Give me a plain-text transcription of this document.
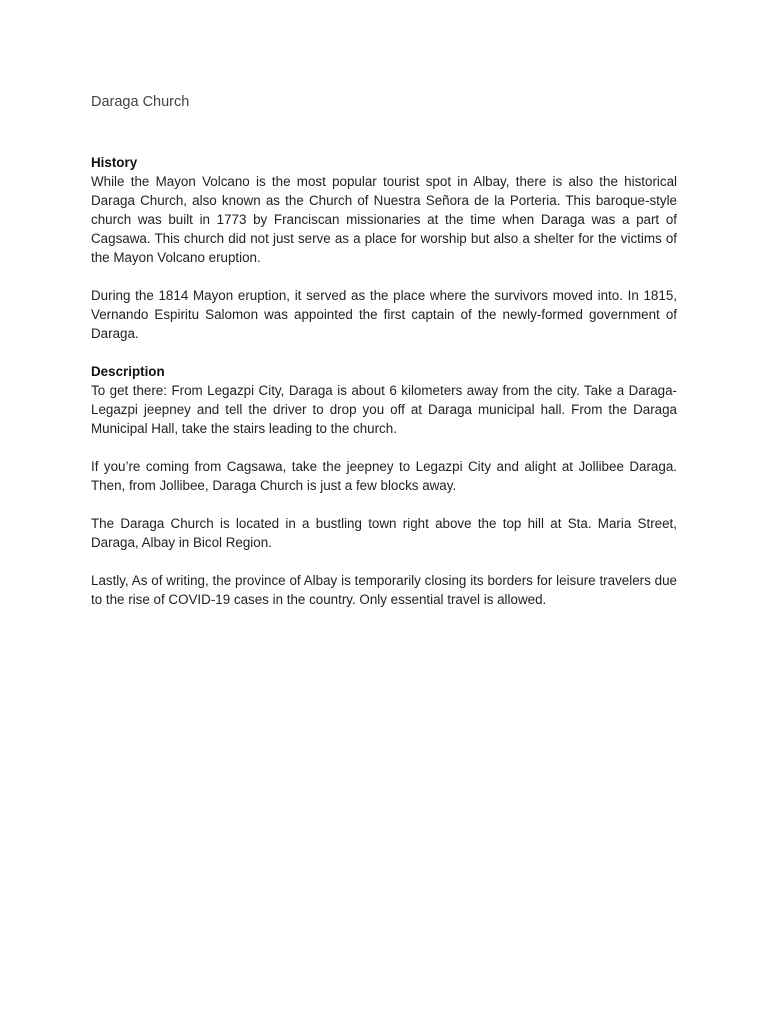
Daraga Church
History

While the Mayon Volcano is the most popular tourist spot in Albay, there is also the historical Daraga Church, also known as the Church of Nuestra Señora de la Porteria. This baroque-style church was built in 1773 by Franciscan missionaries at the time when Daraga was a part of Cagsawa. This church did not just serve as a place for worship but also a shelter for the victims of the Mayon Volcano eruption.

During the 1814 Mayon eruption, it served as the place where the survivors moved into. In 1815, Vernando Espiritu Salomon was appointed the first captain of the newly-formed government of Daraga.

Description

To get there: From Legazpi City, Daraga is about 6 kilometers away from the city. Take a Daraga-Legazpi jeepney and tell the driver to drop you off at Daraga municipal hall. From the Daraga Municipal Hall, take the stairs leading to the church.

If you’re coming from Cagsawa, take the jeepney to Legazpi City and alight at Jollibee Daraga. Then, from Jollibee, Daraga Church is just a few blocks away.

The Daraga Church is located in a bustling town right above the top hill at Sta. Maria Street, Daraga, Albay in Bicol Region.

Lastly, As of writing, the province of Albay is temporarily closing its borders for leisure travelers due to the rise of COVID-19 cases in the country. Only essential travel is allowed.
